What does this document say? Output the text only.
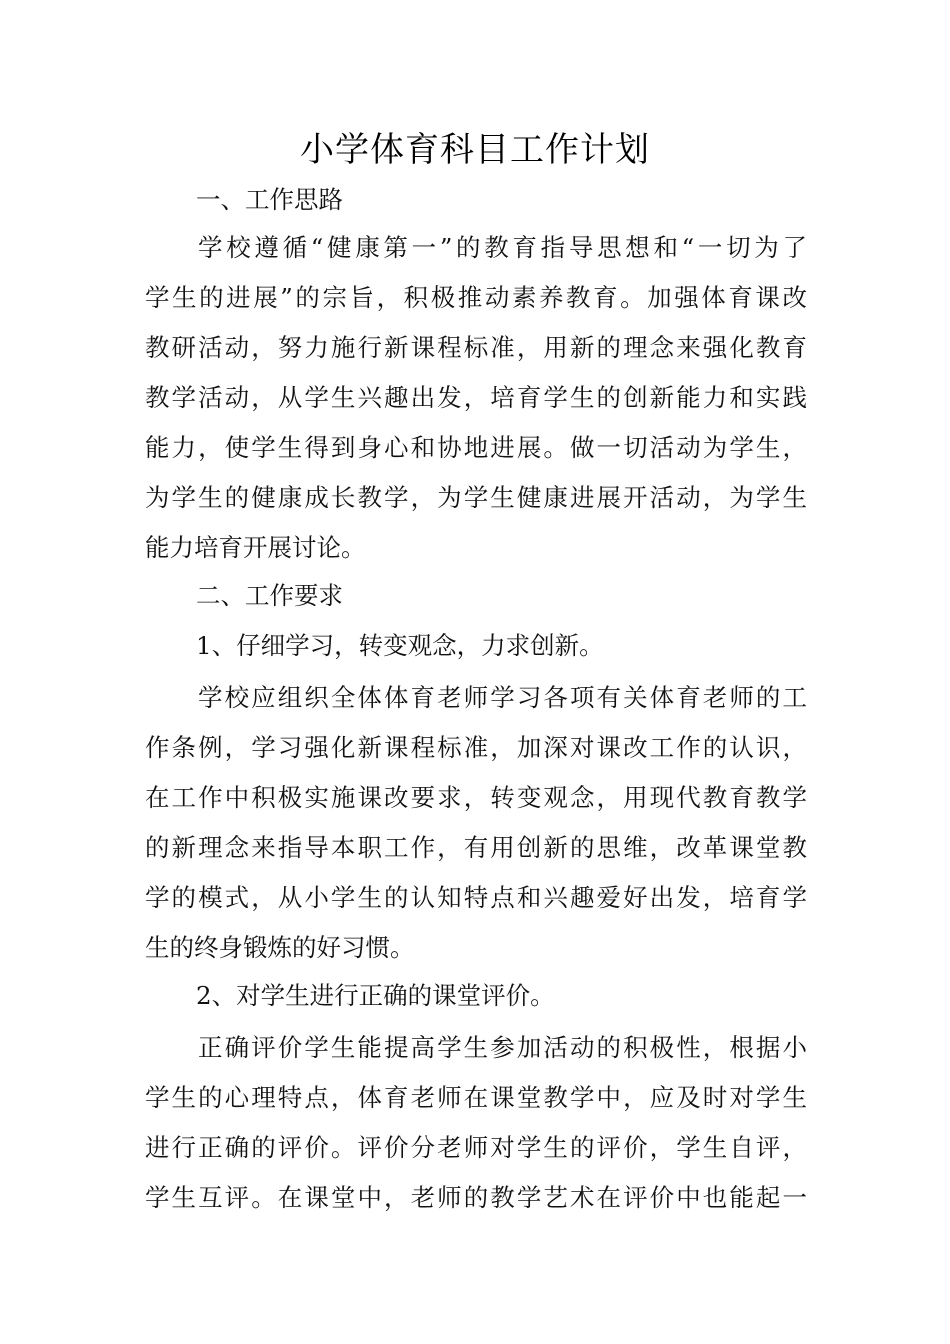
小学体育科目工作计划
一、工作思路
学校遵循“健康第一”的教育指导思想和“一切为了
学生的进展”的宗旨，积极推动素养教育。加强体育课改
教研活动，努力施行新课程标准，用新的理念来强化教育
教学活动，从学生兴趣出发，培育学生的创新能力和实践
能力，使学生得到身心和协地进展。做一切活动为学生，
为学生的健康成长教学，为学生健康进展开活动，为学生
能力培育开展讨论。
二、工作要求
1、仔细学习，转变观念，力求创新。
学校应组织全体体育老师学习各项有关体育老师的工
作条例，学习强化新课程标准，加深对课改工作的认识，
在工作中积极实施课改要求，转变观念，用现代教育教学
的新理念来指导本职工作，有用创新的思维，改革课堂教
学的模式，从小学生的认知特点和兴趣爱好出发，培育学
生的终身锻炼的好习惯。
2、对学生进行正确的课堂评价。
正确评价学生能提高学生参加活动的积极性，根据小
学生的心理特点，体育老师在课堂教学中，应及时对学生
进行正确的评价。评价分老师对学生的评价，学生自评，
学生互评。在课堂中，老师的教学艺术在评价中也能起一
